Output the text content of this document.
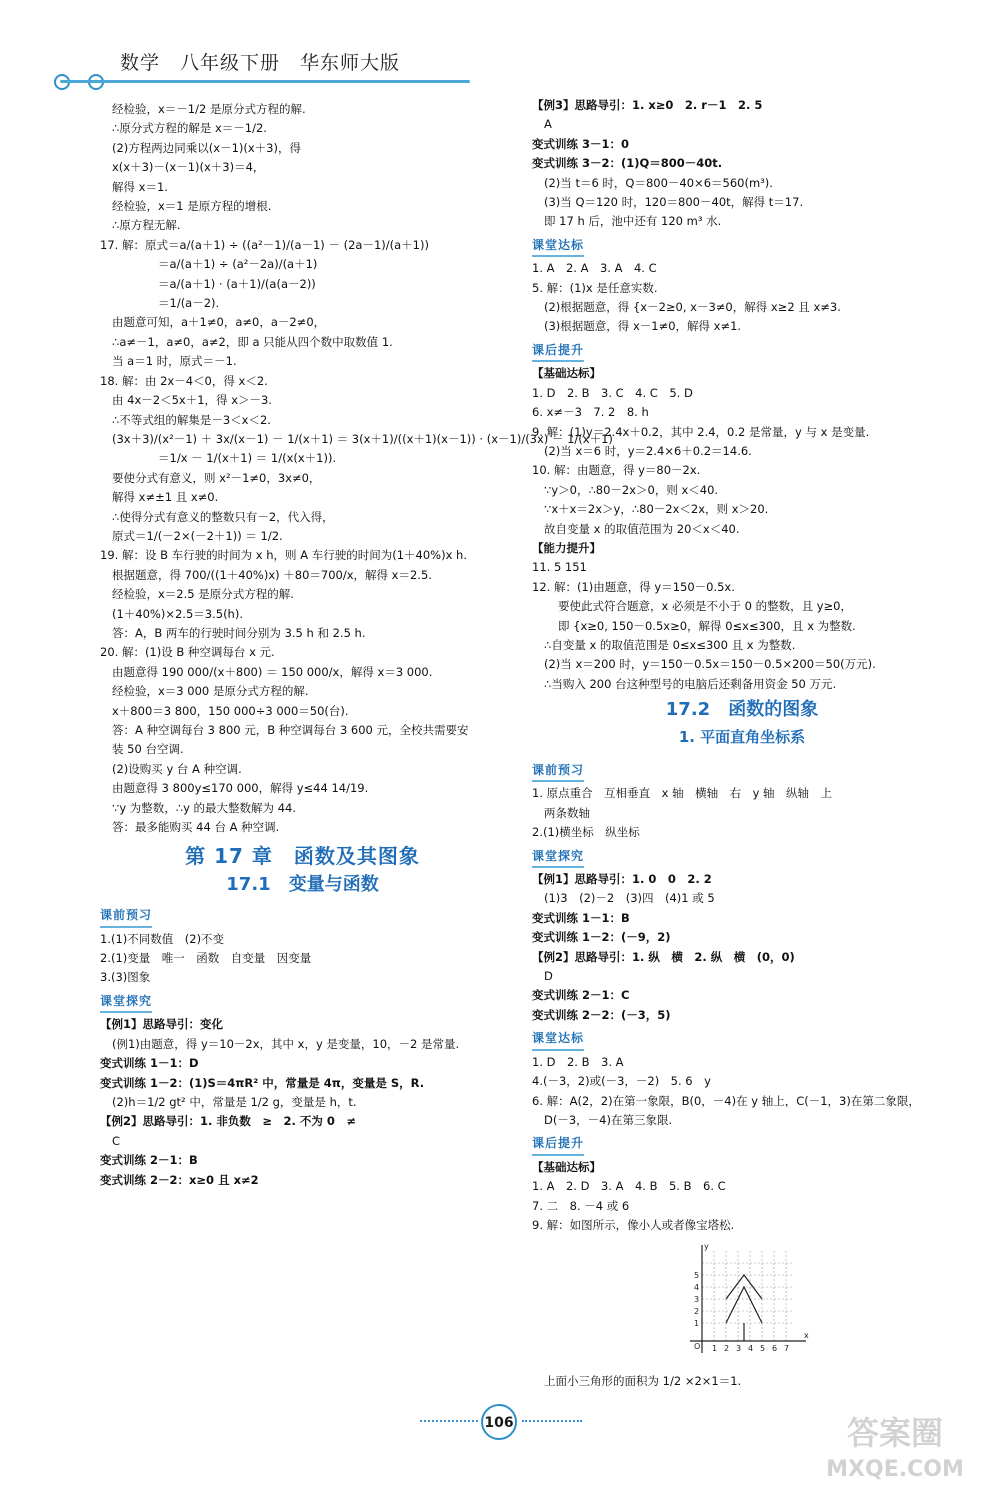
数学　八年级下册　华东师大版
经检验，x＝－1/2 是原分式方程的解.
∴原分式方程的解是 x＝－1/2.
(2)方程两边同乘以(x－1)(x＋3)，得
x(x＋3)－(x－1)(x＋3)＝4，
解得 x＝1.
经检验，x＝1 是原方程的增根.
∴原方程无解.
17. 解：原式＝a/(a＋1) ÷ ((a²－1)/(a－1) － (2a－1)/(a＋1))
＝a/(a＋1) ÷ (a²－2a)/(a＋1)
＝a/(a＋1) · (a＋1)/(a(a－2))
＝1/(a－2).
由题意可知，a＋1≠0，a≠0，a－2≠0，
∴a≠－1，a≠0，a≠2，即 a 只能从四个数中取数值 1.
当 a＝1 时，原式＝－1.
18. 解：由 2x－4＜0，得 x＜2.
由 4x－2＜5x＋1，得 x＞－3.
∴不等式组的解集是－3＜x＜2.
(3x＋3)/(x²－1) ＋ 3x/(x－1) － 1/(x＋1) ＝ 3(x＋1)/((x＋1)(x－1)) · (x－1)/(3x) － 1/(x＋1)
＝1/x － 1/(x＋1) ＝ 1/(x(x＋1)).
要使分式有意义，则 x²－1≠0，3x≠0，
解得 x≠±1 且 x≠0.
∴使得分式有意义的整数只有－2，代入得，
原式＝1/(－2×(－2＋1)) ＝ 1/2.
19. 解：设 B 车行驶的时间为 x h，则 A 车行驶的时间为(1＋40%)x h.
根据题意，得 700/((1＋40%)x) ＋80＝700/x，解得 x＝2.5.
经检验，x＝2.5 是原分式方程的解.
(1＋40%)×2.5＝3.5(h).
答：A，B 两车的行驶时间分别为 3.5 h 和 2.5 h.
20. 解：(1)设 B 种空调每台 x 元.
由题意得 190 000/(x＋800) ＝ 150 000/x，解得 x＝3 000.
经检验，x＝3 000 是原分式方程的解.
x＋800＝3 800，150 000÷3 000＝50(台).
答：A 种空调每台 3 800 元，B 种空调每台 3 600 元，全校共需要安
装 50 台空调.
(2)设购买 y 台 A 种空调.
由题意得 3 800y≤170 000，解得 y≤44 14/19.
∵y 为整数，∴y 的最大整数解为 44.
答：最多能购买 44 台 A 种空调.
第 17 章　函数及其图象
17.1　变量与函数
课前预习
1.(1)不同数值　(2)不变
2.(1)变量　唯一　函数　自变量　因变量
3.(3)图象
课堂探究
【例1】思路导引：变化
(例1)由题意，得 y＝10－2x，其中 x，y 是变量，10，－2 是常量.
变式训练 1－1：D
变式训练 1－2：(1)S＝4πR² 中，常量是 4π，变量是 S，R.
(2)h＝1/2 gt² 中，常量是 1/2 g，变量是 h，t.
【例2】思路导引：1. 非负数　≥　2. 不为 0　≠
C
变式训练 2－1：B
变式训练 2－2：x≥0 且 x≠2
【例3】思路导引：1. x≥0　2. r－1　2. 5
A
变式训练 3－1：0
变式训练 3－2：(1)Q＝800－40t.
(2)当 t＝6 时，Q＝800－40×6＝560(m³).
(3)当 Q＝120 时，120＝800－40t，解得 t＝17.
即 17 h 后，池中还有 120 m³ 水.
课堂达标
1. A　2. A　3. A　4. C
5. 解：(1)x 是任意实数.
(2)根据题意，得 {x－2≥0, x－3≠0，解得 x≥2 且 x≠3.
(3)根据题意，得 x－1≠0，解得 x≠1.
课后提升
【基础达标】
1. D　2. B　3. C　4. C　5. D
6. x≠－3　7. 2　8. h
9. 解：(1)y＝2.4x＋0.2，其中 2.4，0.2 是常量，y 与 x 是变量.
(2)当 x＝6 时，y＝2.4×6＋0.2＝14.6.
10. 解：由题意，得 y＝80－2x.
∵y＞0，∴80－2x＞0，则 x＜40.
∵x＋x＝2x＞y，∴80－2x＜2x，则 x＞20.
故自变量 x 的取值范围为 20＜x＜40.
【能力提升】
11. 5 151
12. 解：(1)由题意，得 y＝150－0.5x.
要使此式符合题意，x 必须是不小于 0 的整数，且 y≥0，
即 {x≥0, 150－0.5x≥0，解得 0≤x≤300，且 x 为整数.
∴自变量 x 的取值范围是 0≤x≤300 且 x 为整数.
(2)当 x＝200 时，y＝150－0.5x＝150－0.5×200＝50(万元).
∴当购入 200 台这种型号的电脑后还剩备用资金 50 万元.
17.2　函数的图象
1. 平面直角坐标系
课前预习
1. 原点重合　互相垂直　x 轴　横轴　右　y 轴　纵轴　上
两条数轴
2.(1)横坐标　纵坐标
课堂探究
【例1】思路导引：1. 0　0　2. 2
(1)3　(2)－2　(3)四　(4)1 或 5
变式训练 1－1：B
变式训练 1－2：(－9，2)
【例2】思路导引：1. 纵　横　2. 纵　横　(0，0)
D
变式训练 2－1：C
变式训练 2－2：(－3，5)
课堂达标
1. D　2. B　3. A
4.(－3，2)或(－3，－2)　5. 6　y
6. 解：A(2，2)在第一象限，B(0，－4)在 y 轴上，C(－1，3)在第二象限，
D(－3，－4)在第三象限.
课后提升
【基础达标】
1. A　2. D　3. A　4. B　5. B　6. C
7. 二　8. －4 或 6
9. 解：如图所示，像小人或者像宝塔松.
y
x
O 1 2 3 4 5 6 7
1
2
3
4
5
上面小三角形的面积为 1/2 ×2×1＝1.
106	答案圈
MXQE.COM
